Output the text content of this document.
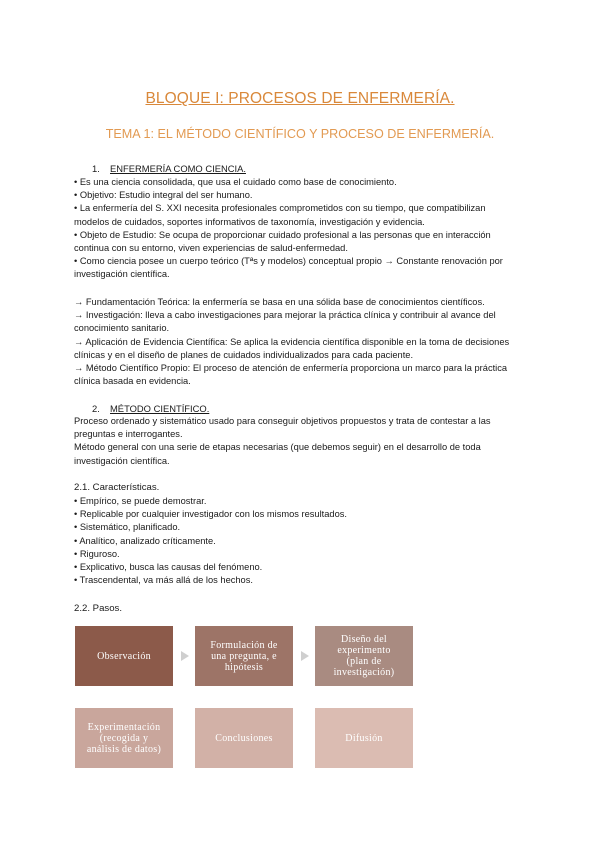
BLOQUE I: PROCESOS DE ENFERMERÍA.
TEMA 1: EL MÉTODO CIENTÍFICO Y PROCESO DE ENFERMERÍA.
1. ENFERMERÍA COMO CIENCIA.
• Es una ciencia consolidada, que usa el cuidado como base de conocimiento.
• Objetivo: Estudio integral del ser humano.
• La enfermería del S. XXI necesita profesionales comprometidos con su tiempo, que compatibilizan
modelos de cuidados, soportes informativos de taxonomía, investigación y evidencia.
• Objeto de Estudio: Se ocupa de proporcionar cuidado profesional a las personas que en interacción
continua con su entorno, viven experiencias de salud-enfermedad.
• Como ciencia posee un cuerpo teórico (Tªs y modelos) conceptual propio → Constante renovación por
investigación científica.
→ Fundamentación Teórica: la enfermería se basa en una sólida base de conocimientos científicos.
→ Investigación: lleva a cabo investigaciones para mejorar la práctica clínica y contribuir al avance del
conocimiento sanitario.
→ Aplicación de Evidencia Científica: Se aplica la evidencia científica disponible en la toma de decisiones
clínicas y en el diseño de planes de cuidados individualizados para cada paciente.
→ Método Científico Propio: El proceso de atención de enfermería proporciona un marco para la práctica
clínica basada en evidencia.
2. MÉTODO CIENTÍFICO.
Proceso ordenado y sistemático usado para conseguir objetivos propuestos y trata de contestar a las
preguntas e interrogantes.
Método general con una serie de etapas necesarias (que debemos seguir) en el desarrollo de toda
investigación científica.
2.1. Características.
• Empírico, se puede demostrar.
• Replicable por cualquier investigador con los mismos resultados.
• Sistemático, planificado.
• Analítico, analizado críticamente.
• Riguroso.
• Explicativo, busca las causas del fenómeno.
• Trascendental, va más allá de los hechos.
2.2. Pasos.
Observación
Formulación de
una pregunta, e
hipótesis
Diseño del
experimento
(plan de
investigación)
Experimentación
(recogida y
análisis de datos)
Conclusiones	Difusión
